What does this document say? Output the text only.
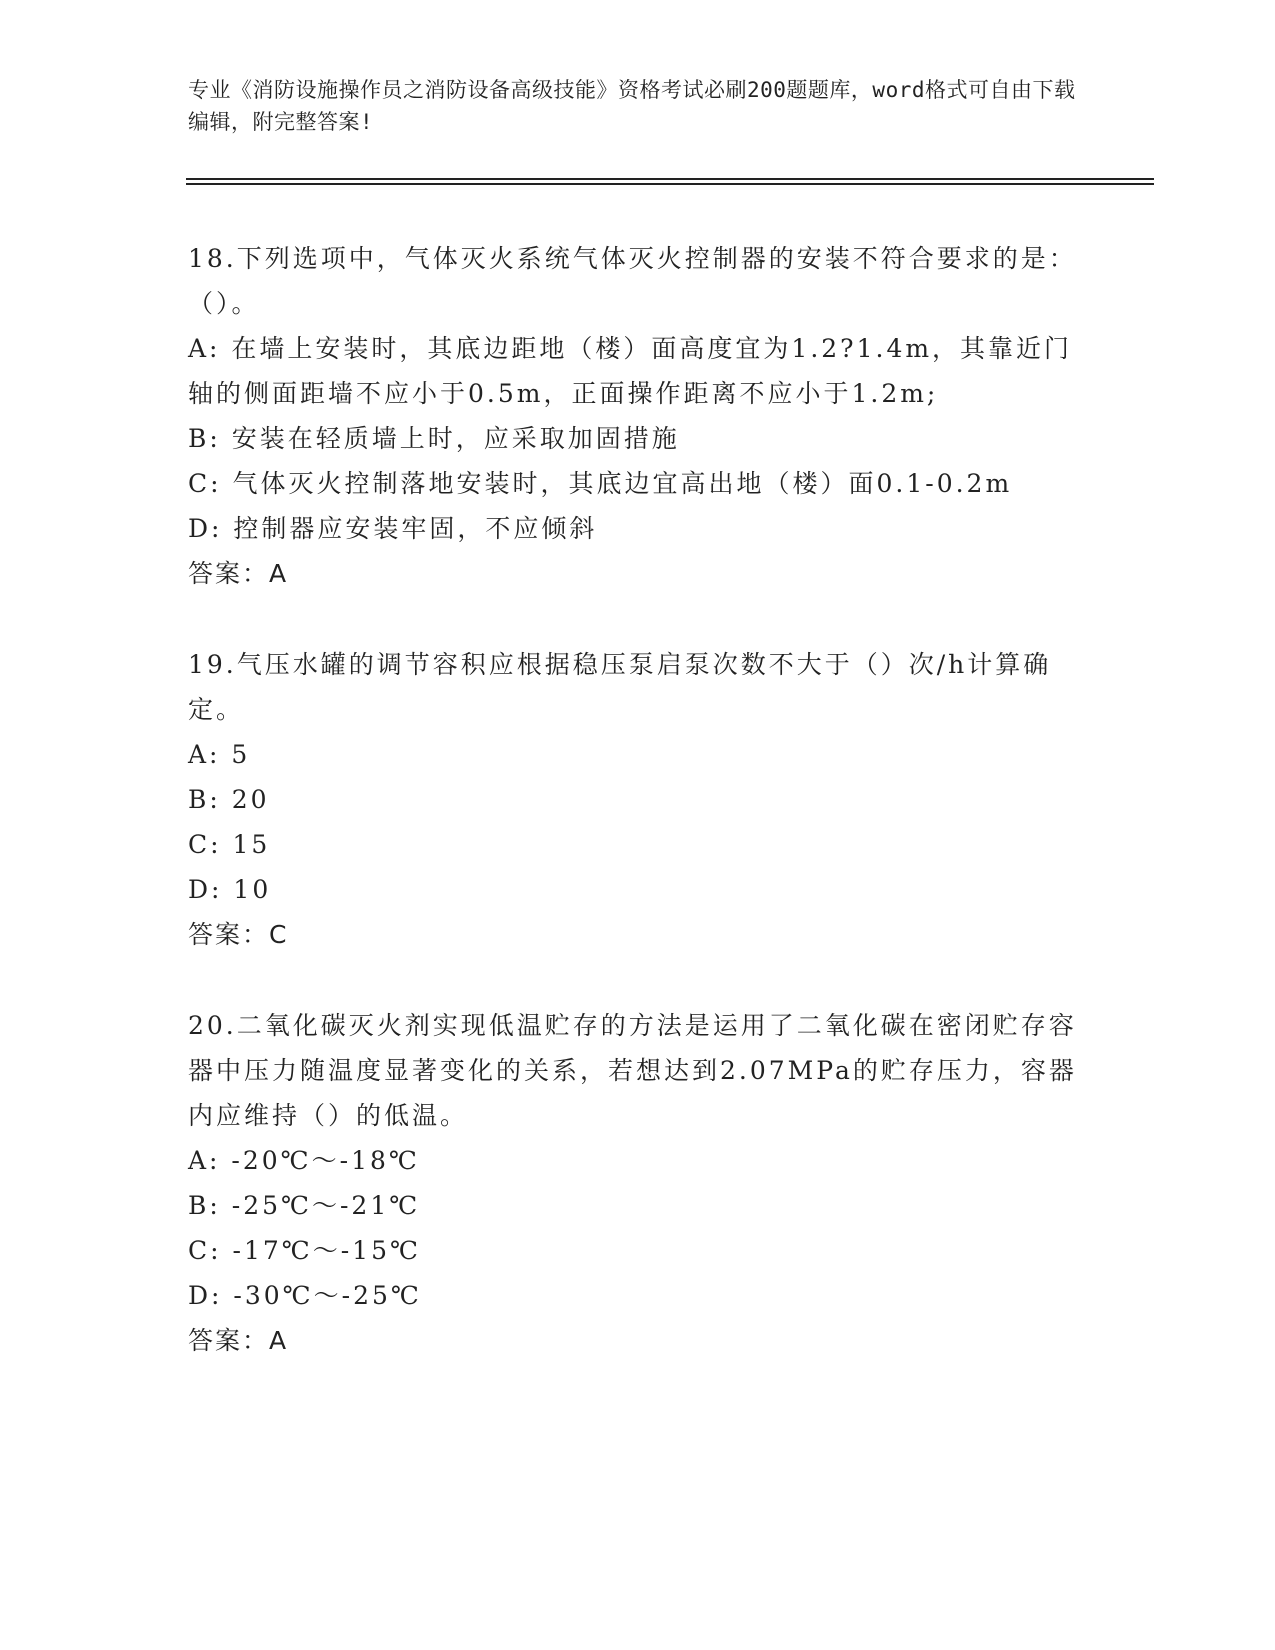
专业《消防设施操作员之消防设备高级技能》资格考试必刷200题题库，word格式可自由下载编辑，附完整答案!
18.下列选项中，气体灭火系统气体灭火控制器的安装不符合要求的是：（）。
A: 在墙上安装时，其底边距地（楼）面高度宜为1.2?1.4m，其靠近门轴的侧面距墙不应小于0.5m，正面操作距离不应小于1.2m;
B: 安装在轻质墙上时，应采取加固措施
C: 气体灭火控制落地安装时，其底边宜高出地（楼）面0.1-0.2m
D: 控制器应安装牢固，不应倾斜
答案：A
19.气压水罐的调节容积应根据稳压泵启泵次数不大于（）次/h计算确定。
A: 5
B: 20
C: 15
D: 10
答案：C
20.二氧化碳灭火剂实现低温贮存的方法是运用了二氧化碳在密闭贮存容器中压力随温度显著变化的关系，若想达到2.07MPa的贮存压力，容器内应维持（）的低温。
A: -20℃～-18℃
B: -25℃～-21℃
C: -17℃～-15℃
D: -30℃～-25℃
答案：A
